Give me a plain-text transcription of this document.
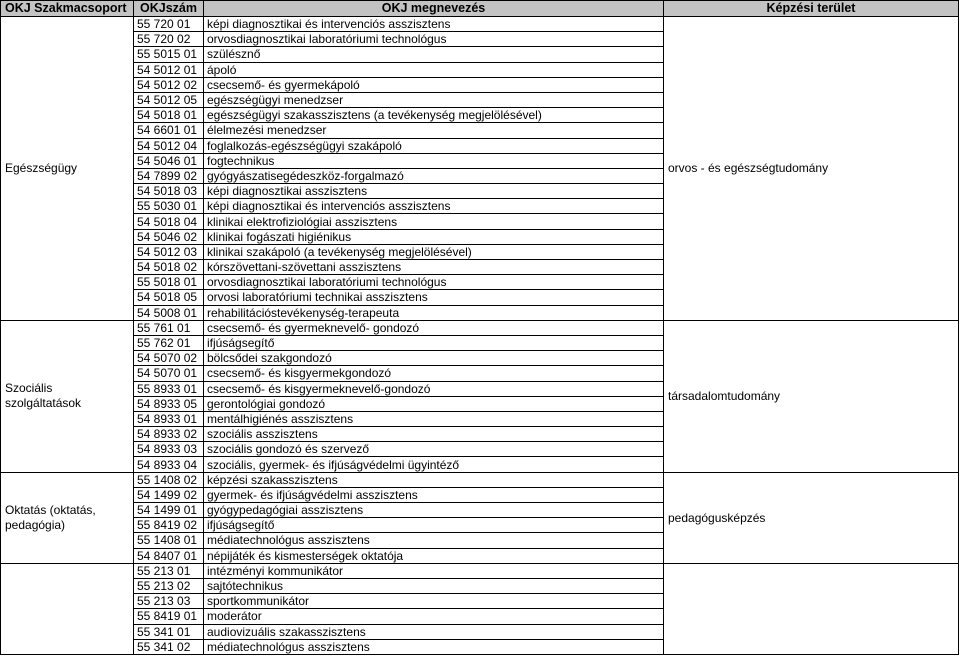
OKJ Szakmacsoport	OKJszám	OKJ megnevezés	Képzési terület
Egészségügy	55 720 01	képi diagnosztikai és intervenciós asszisztens	orvos - és egészségtudomány
	55 720 02	orvosdiagnosztikai laboratóriumi technológus	
	55 5015 01	szülésznő	
	54 5012 01	ápoló	
	54 5012 02	csecsemő- és gyermekápoló	
	54 5012 05	egészségügyi menedzser	
	54 5018 01	egészségügyi szakasszisztens (a tevékenység megjelölésével)	
	54 6601 01	élelmezési menedzser	
	54 5012 04	foglalkozás-egészségügyi szakápoló	
	54 5046 01	fogtechnikus	
	54 7899 02	gyógyászatisegédeszköz-forgalmazó	
	54 5018 03	képi diagnosztikai asszisztens	
	55 5030 01	képi diagnosztikai és intervenciós asszisztens	
	54 5018 04	klinikai elektrofiziológiai asszisztens	
	54 5046 02	klinikai fogászati higiénikus	
	54 5012 03	klinikai szakápoló (a tevékenység megjelölésével)	
	54 5018 02	kórszövettani-szövettani asszisztens	
	55 5018 01	orvosdiagnosztikai laboratóriumi technológus	
	54 5018 05	orvosi laboratóriumi technikai asszisztens	
	54 5008 01	rehabilitációstevékenység-terapeuta	
Szociális szolgáltatások	55 761 01	csecsemő- és gyermeknevelő- gondozó	társadalomtudomány
	55 762 01	ifjúságsegítő	
	54 5070 02	bölcsődei szakgondozó	
	54 5070 01	csecsemő- és kisgyermekgondozó	
	55 8933 01	csecsemő- és kisgyermeknevelő-gondozó	
	54 8933 05	gerontológiai gondozó	
	54 8933 01	mentálhigiénés asszisztens	
	54 8933 02	szociális asszisztens	
	54 8933 03	szociális gondozó és szervező	
	54 8933 04	szociális, gyermek- és ifjúságvédelmi ügyintéző	
Oktatás (oktatás, pedagógia)	55 1408 02	képzési szakasszisztens	pedagógusképzés
	54 1499 02	gyermek- és ifjúságvédelmi asszisztens	
	54 1499 01	gyógypedagógiai asszisztens	
	55 8419 02	ifjúságsegítő	
	55 1408 01	médiatechnológus asszisztens	
	54 8407 01	népijáték és kismesterségek oktatója	
	55 213 01	intézményi kommunikátor	
	55 213 02	sajtótechnikus	
	55 213 03	sportkommunikátor	
	55 8419 01	moderátor	
	55 341 01	audiovizuális szakasszisztens	
	55 341 02	médiatechnológus asszisztens	
